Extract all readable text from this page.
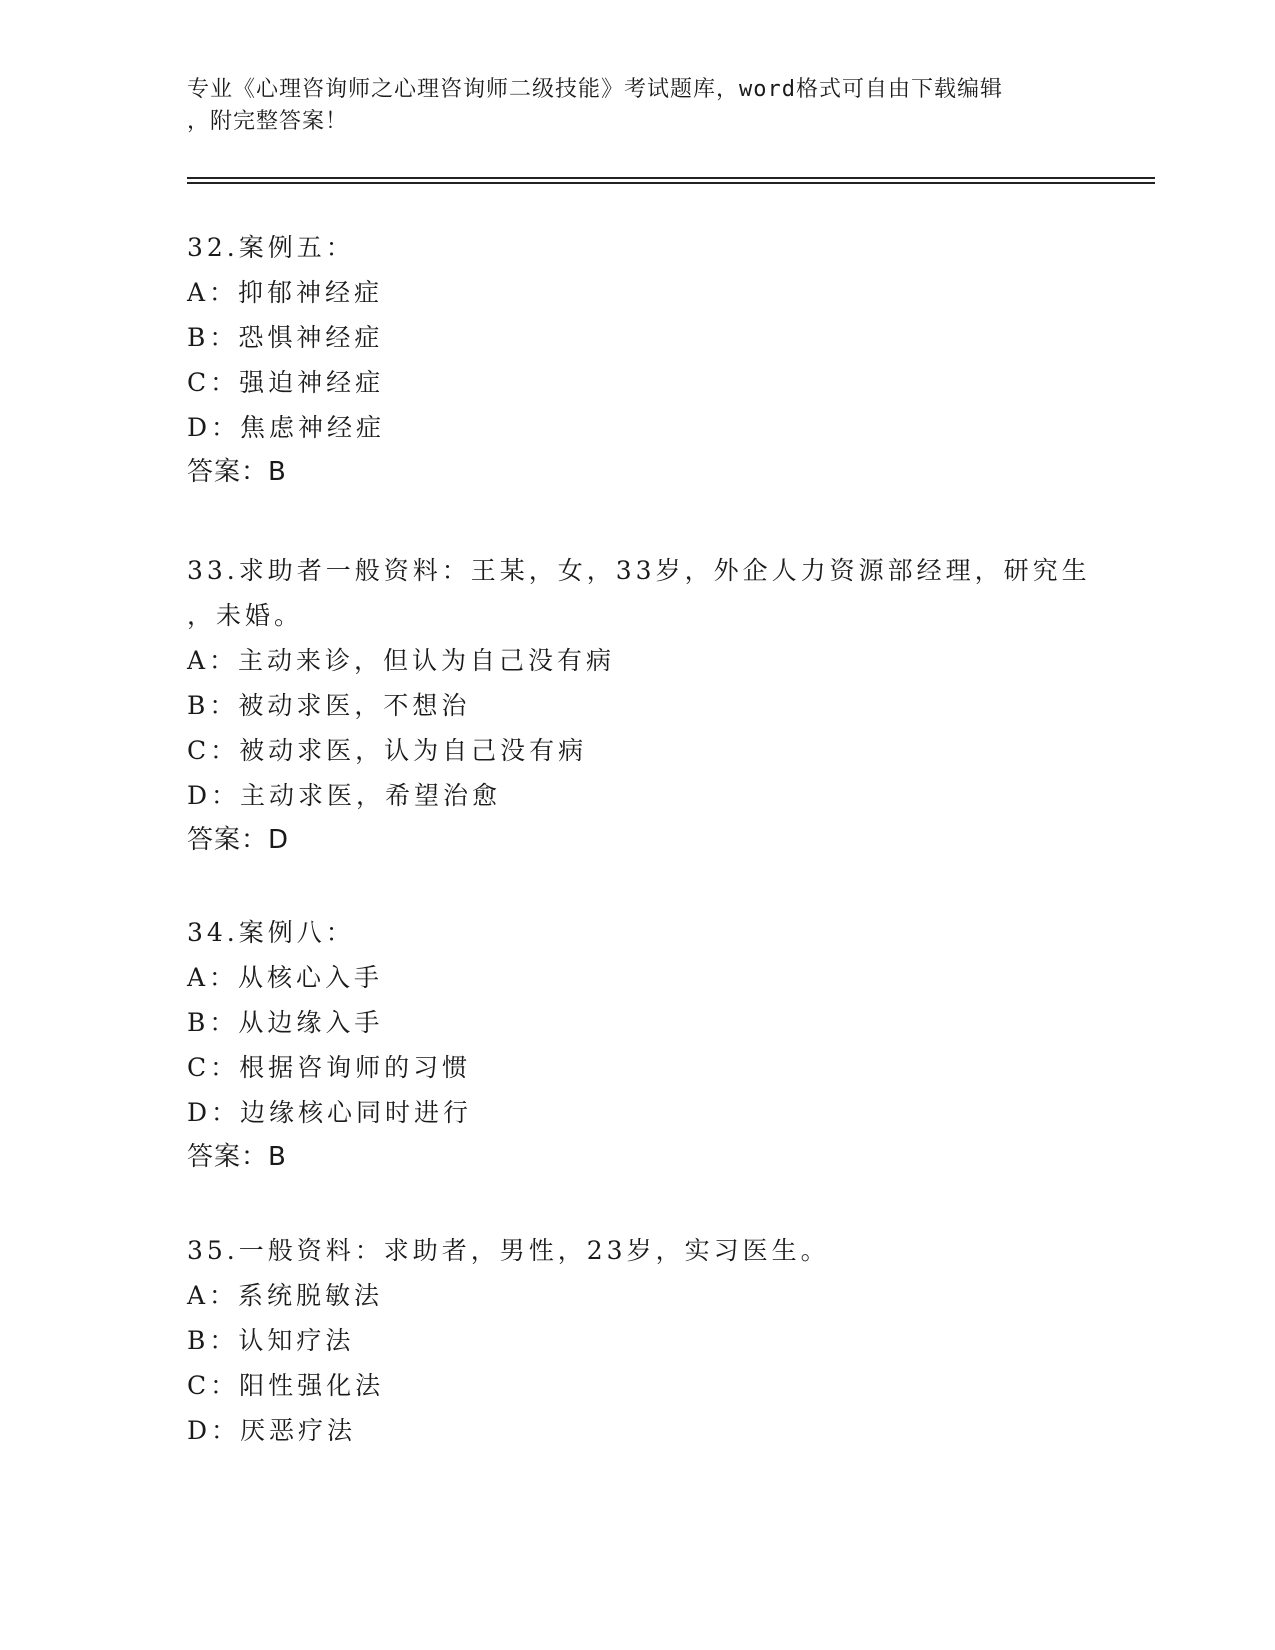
专业《心理咨询师之心理咨询师二级技能》考试题库，word格式可自由下载编辑
，附完整答案！

32.案例五：

A：抑郁神经症

B：恐惧神经症

C：强迫神经症

D：焦虑神经症

答案：B

33.求助者一般资料：王某，女，33岁，外企人力资源部经理，研究生

，未婚。

A：主动来诊，但认为自己没有病

B：被动求医，不想治

C：被动求医，认为自己没有病

D：主动求医，希望治愈

答案：D

34.案例八：

A：从核心入手

B：从边缘入手

C：根据咨询师的习惯

D：边缘核心同时进行

答案：B

35.一般资料：求助者，男性，23岁，实习医生。

A：系统脱敏法

B：认知疗法

C：阳性强化法

D：厌恶疗法
